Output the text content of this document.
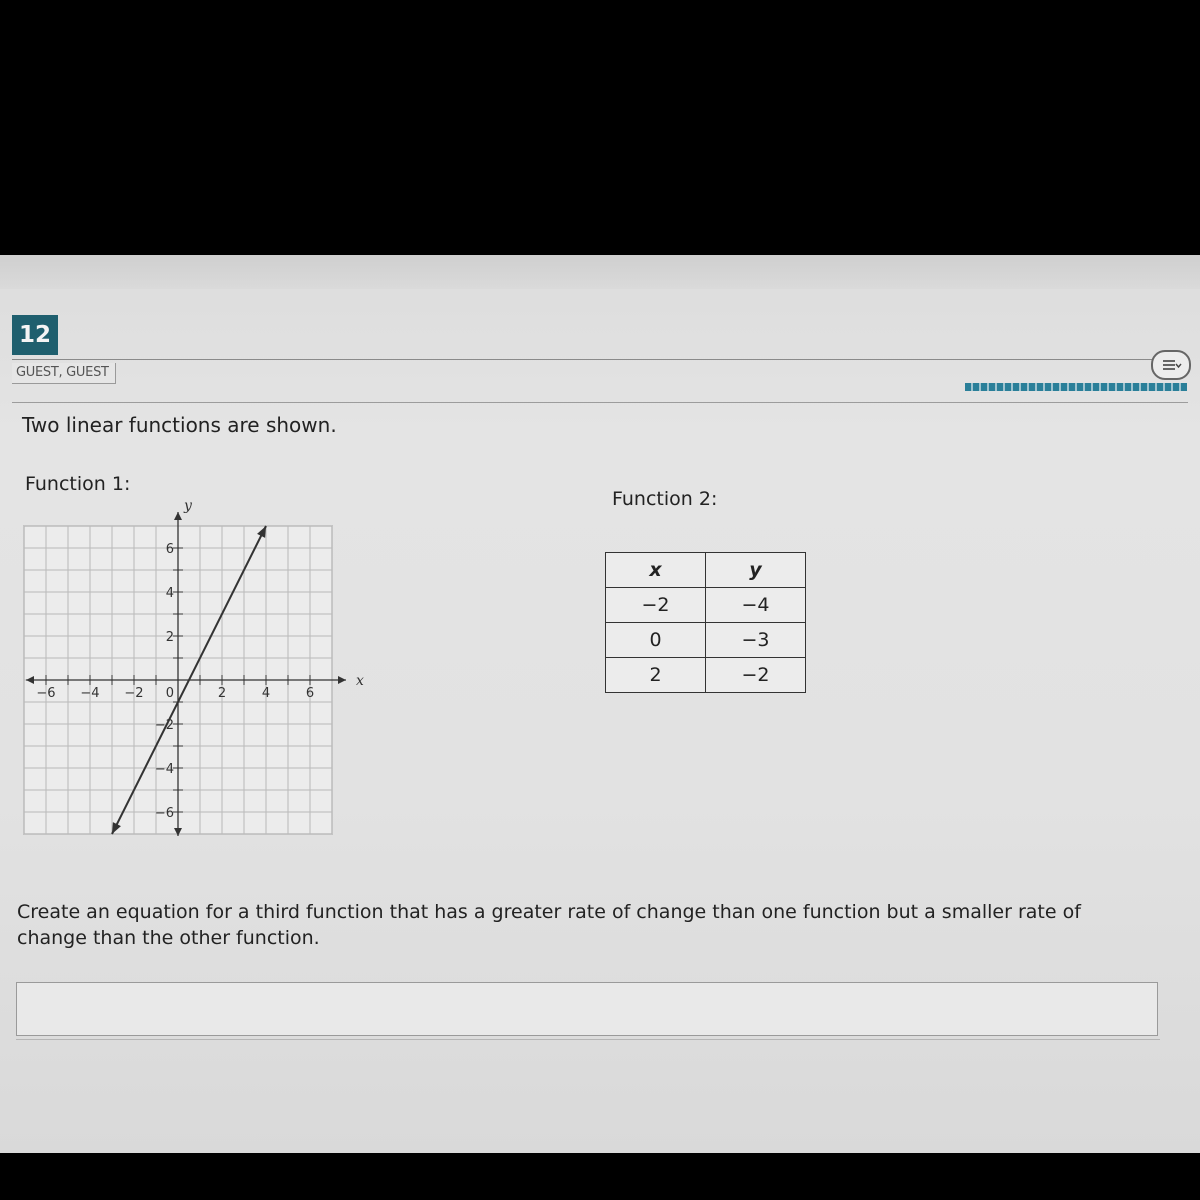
12
GUEST, GUEST
Two linear functions are shown.
Function 1:
Function 2:
−6 −4 −2	2	4	6
6
4
2
−2
−4
−6
0
x
y
x	y
−2	−4
0	−3
2	−2
Create an equation for a third function that has a greater rate of change than one function but a smaller rate of change than the other function.
